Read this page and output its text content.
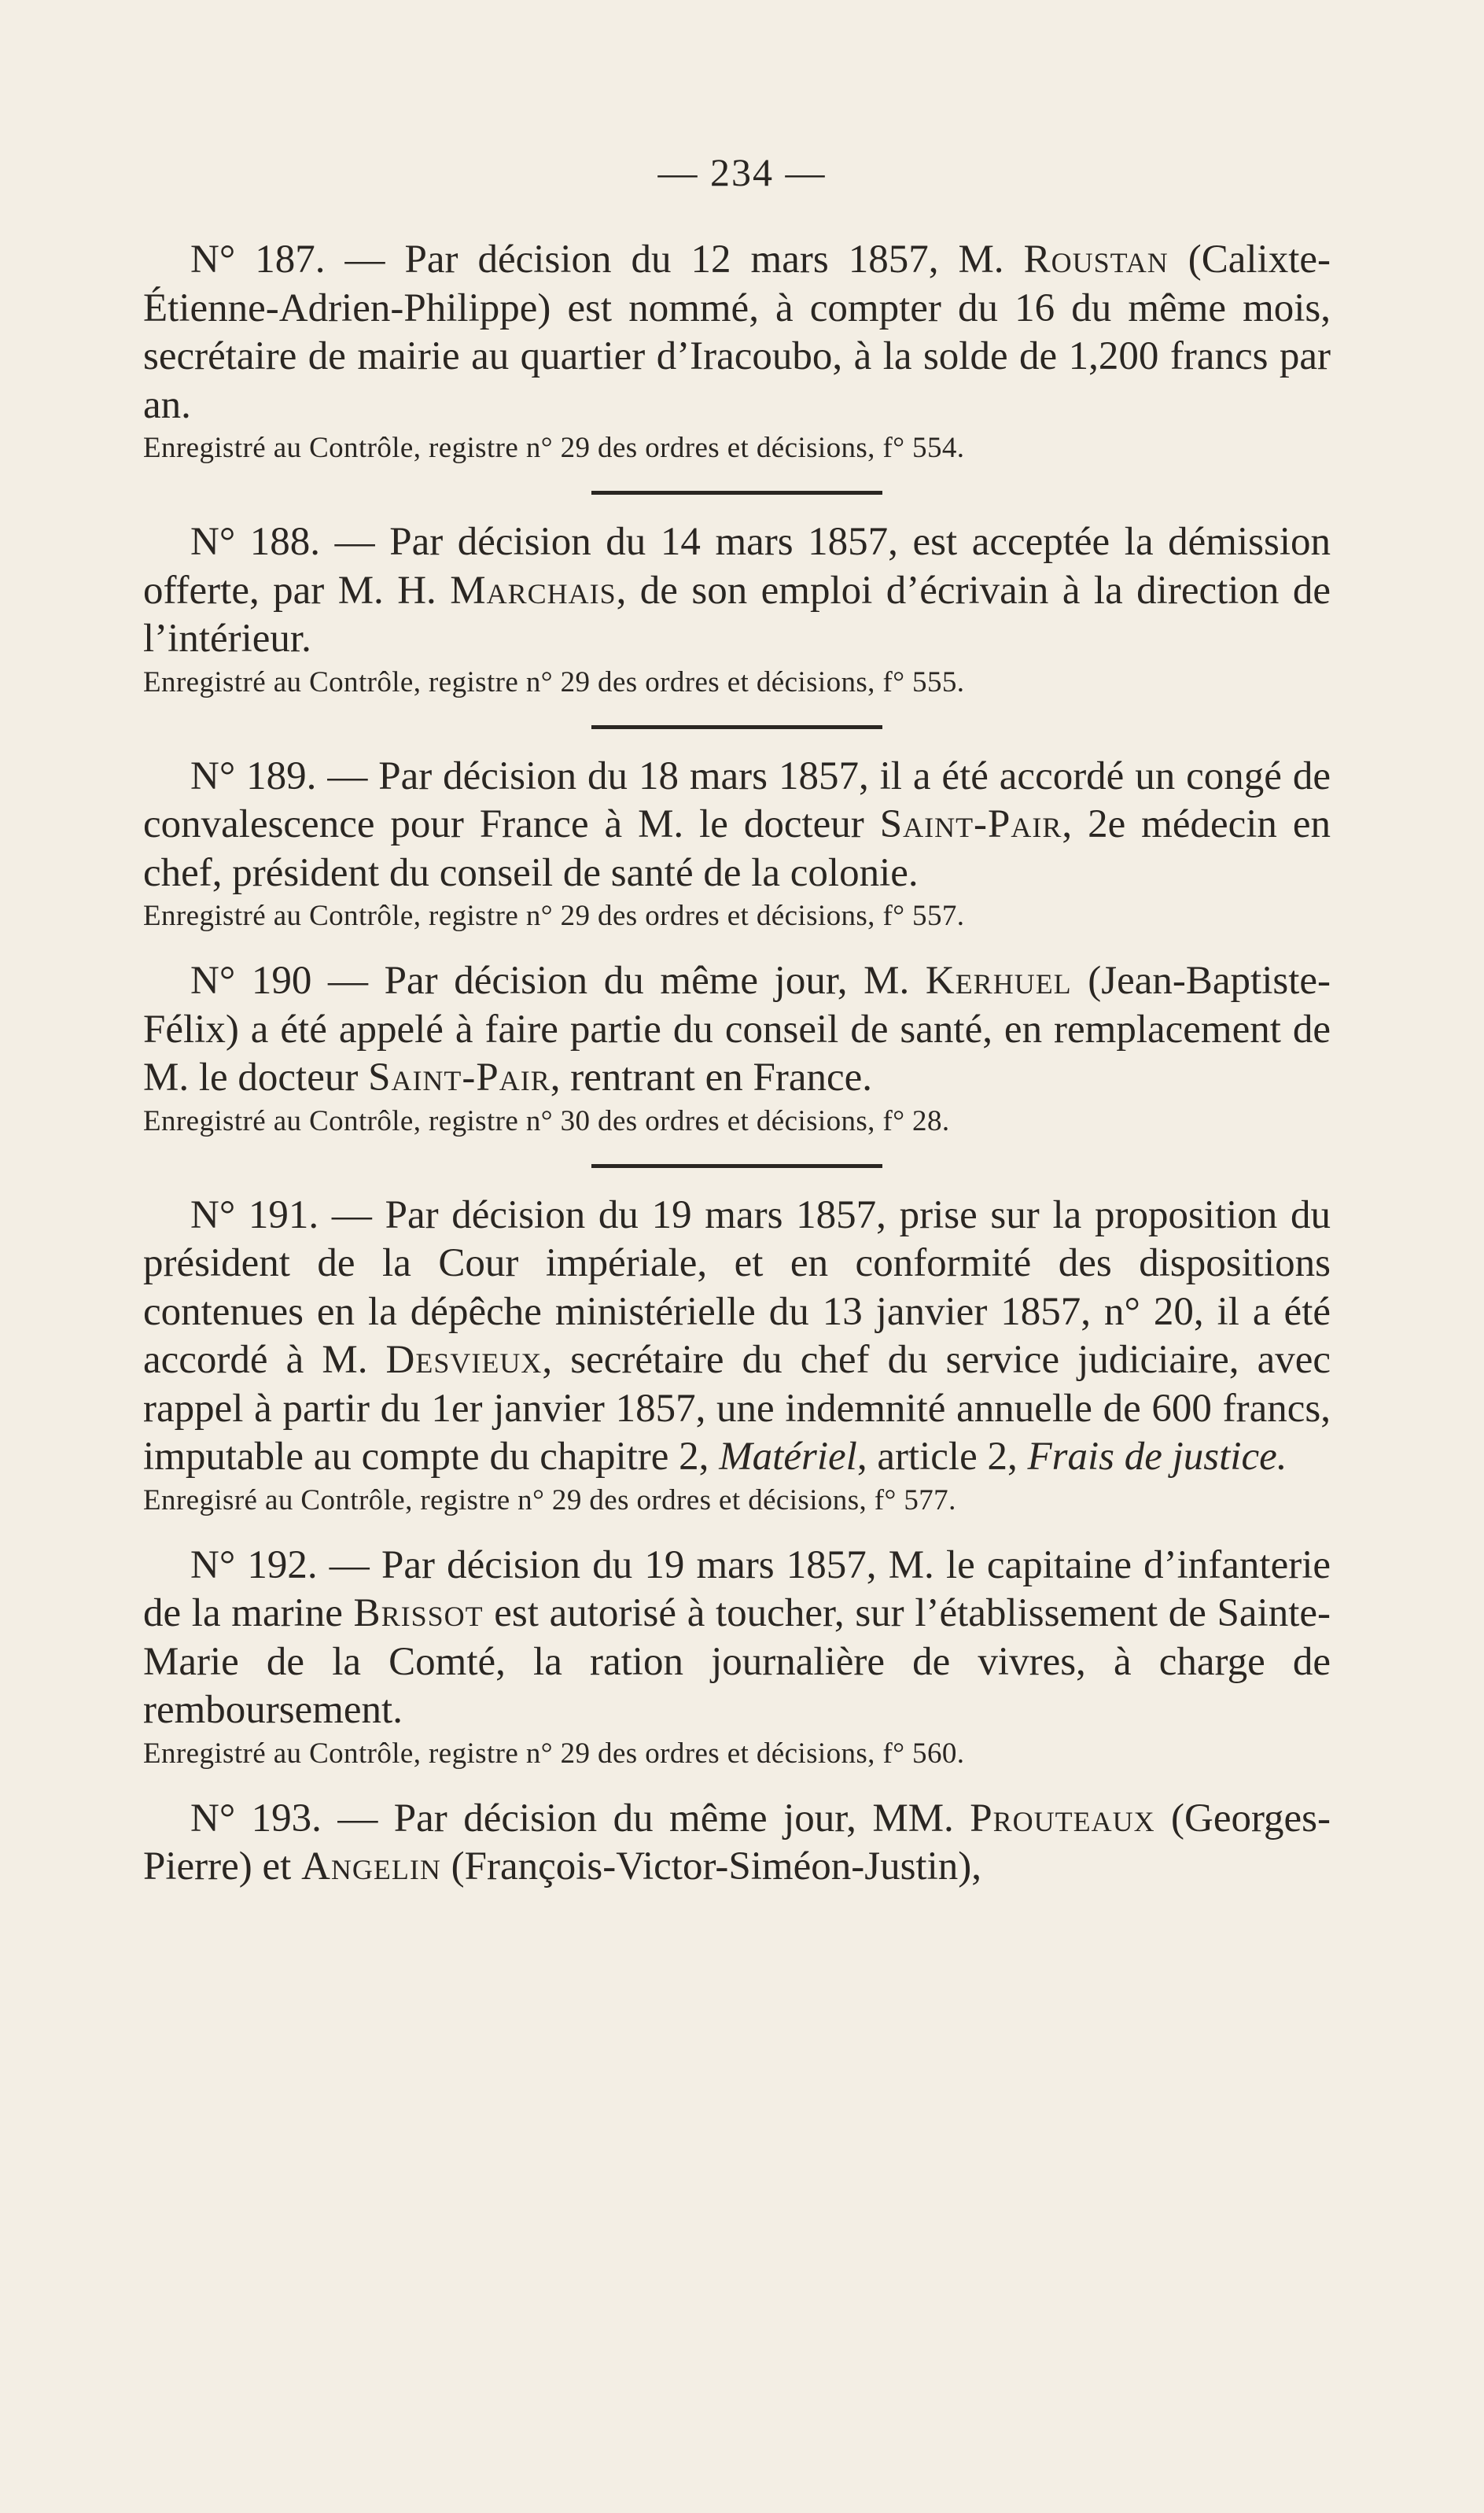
— 234 —

N° 187. — Par décision du 12 mars 1857, M. Roustan (Calixte-Étienne-Adrien-Philippe) est nommé, à compter du 16 du même mois, secrétaire de mairie au quartier d’Iracoubo, à la solde de 1,200 francs par an.

Enregistré au Contrôle, registre n° 29 des ordres et décisions, f° 554.

N° 188. — Par décision du 14 mars 1857, est acceptée la démission offerte, par M. H. Marchais, de son emploi d’écrivain à la direction de l’intérieur.

Enregistré au Contrôle, registre n° 29 des ordres et décisions, f° 555.

N° 189. — Par décision du 18 mars 1857, il a été accordé un congé de convalescence pour France à M. le docteur Saint-Pair, 2e médecin en chef, président du conseil de santé de la colonie.

Enregistré au Contrôle, registre n° 29 des ordres et décisions, f° 557.

N° 190 — Par décision du même jour, M. Kerhuel (Jean-Baptiste-Félix) a été appelé à faire partie du conseil de santé, en remplacement de M. le docteur Saint-Pair, rentrant en France.

Enregistré au Contrôle, registre n° 30 des ordres et décisions, f° 28.

N° 191. — Par décision du 19 mars 1857, prise sur la proposition du président de la Cour impériale, et en conformité des dispositions contenues en la dépêche ministérielle du 13 janvier 1857, n° 20, il a été accordé à M. Desvieux, secrétaire du chef du service judiciaire, avec rappel à partir du 1er janvier 1857, une indemnité annuelle de 600 francs, imputable au compte du chapitre 2, Matériel, article 2, Frais de justice.

Enregisré au Contrôle, registre n° 29 des ordres et décisions, f° 577.

N° 192. — Par décision du 19 mars 1857, M. le capitaine d’infanterie de la marine Brissot est autorisé à toucher, sur l’établissement de Sainte-Marie de la Comté, la ration journalière de vivres, à charge de remboursement.

Enregistré au Contrôle, registre n° 29 des ordres et décisions, f° 560.

N° 193. — Par décision du même jour, MM. Prouteaux (Georges-Pierre) et Angelin (François-Victor-Siméon-Justin),
